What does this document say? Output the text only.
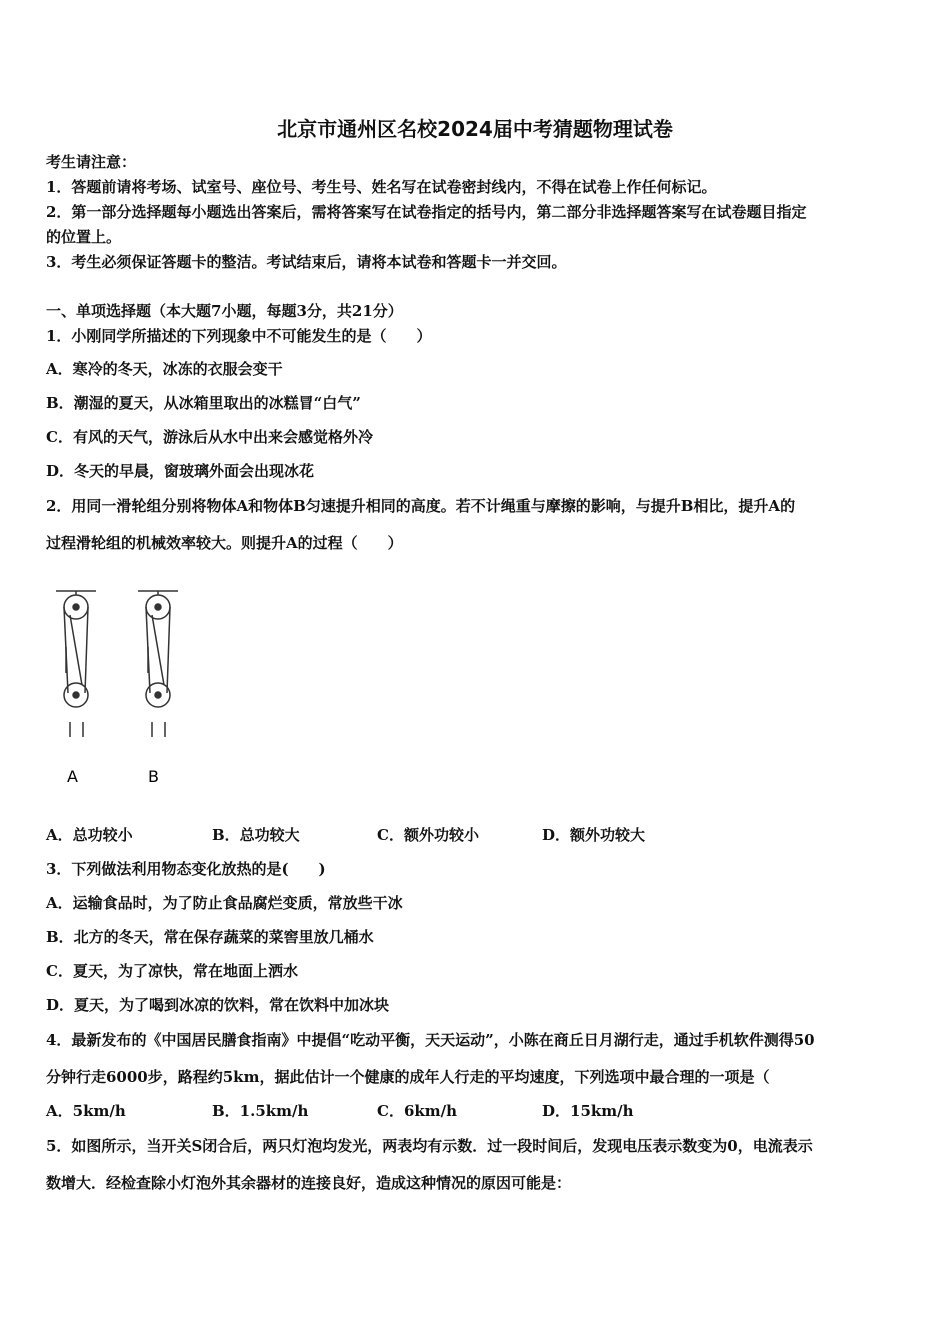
北京市通州区名校2024届中考猜题物理试卷
考生请注意：
1．答题前请将考场、试室号、座位号、考生号、姓名写在试卷密封线内，不得在试卷上作任何标记。
2．第一部分选择题每小题选出答案后，需将答案写在试卷指定的括号内，第二部分非选择题答案写在试卷题目指定
的位置上。
3．考生必须保证答题卡的整洁。考试结束后，请将本试卷和答题卡一并交回。
一、单项选择题（本大题7小题，每题3分，共21分）
1．小刚同学所描述的下列现象中不可能发生的是（　　）
A．寒冷的冬天，冰冻的衣服会变干
B．潮湿的夏天，从冰箱里取出的冰糕冒“白气”
C．有风的天气，游泳后从水中出来会感觉格外冷
D．冬天的早晨，窗玻璃外面会出现冰花
2．用同一滑轮组分别将物体A和物体B匀速提升相同的高度。若不计绳重与摩擦的影响，与提升B相比，提升A的
过程滑轮组的机械效率较大。则提升A的过程（　　）
A	B
A．总功较小	B．总功较大	C．额外功较小	D．额外功较大
3．下列做法利用物态变化放热的是(　　)
A．运输食品时，为了防止食品腐烂变质，常放些干冰
B．北方的冬天，常在保存蔬菜的菜窖里放几桶水
C．夏天，为了凉快，常在地面上洒水
D．夏天，为了喝到冰凉的饮料，常在饮料中加冰块
4．最新发布的《中国居民膳食指南》中提倡“吃动平衡，天天运动”，小陈在商丘日月湖行走，通过手机软件测得50
分钟行走6000步，路程约5km，据此估计一个健康的成年人行走的平均速度，下列选项中最合理的一项是（
A．5km/h	B．1.5km/h	C．6km/h	D．15km/h
5．如图所示，当开关S闭合后，两只灯泡均发光，两表均有示数．过一段时间后，发现电压表示数变为0，电流表示
数增大．经检查除小灯泡外其余器材的连接良好，造成这种情况的原因可能是：
